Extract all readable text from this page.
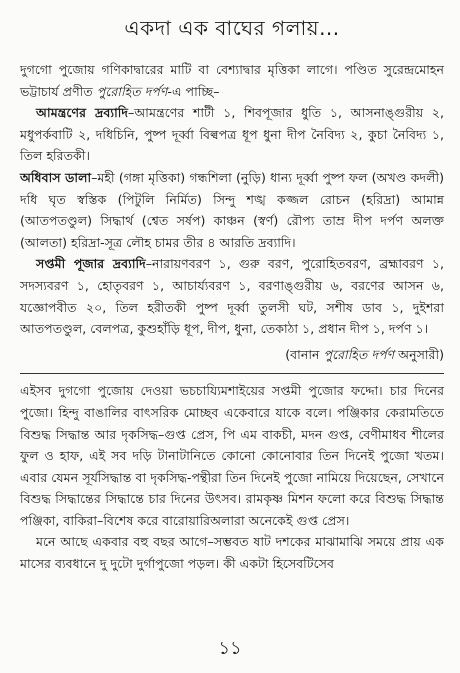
একদা এক বাঘের গলায়...

দুগগো পুজোয় গণিকাদ্বারের মাটি বা বেশ্যাদ্বার মৃত্তিকা লাগে। পণ্ডিত সুরেন্দ্রমোহন ভট্টাচার্য প্রণীত পুরোহিত দর্পণ-এ পাচ্ছি–

আমন্ত্রণের দ্রব্যাদি–আমন্ত্রণের শাটী ১, শিবপূজার ধুতি ১, আসনাঙ্গুরীয় ২, মধুপর্কবাটি ২, দধিচিনি, পুষ্প দূর্ব্বা বিল্বপত্র ধূপ ধুনা দীপ নৈবিদ্য ২, কুচা নৈবিদ্য ১, তিল হরিতকী।

অধিবাস ডালা–মহী (গঙ্গা মৃত্তিকা) গন্ধশিলা (নুড়ি) ধান্য দূর্ব্বা পুষ্প ফল (অখণ্ড কদলী) দধি ঘৃত স্বস্তিক (পিটুলি নির্মিত) সিন্দু শঙ্খ কজ্জল রোচন (হরিদ্রা) আমান্ন (আতপতণ্ডুল) সিদ্ধার্থ (শ্বেত সর্ষপ) কাঞ্চন (স্বর্ণ) রৌপ্য তাম্র দীপ দর্পণ অলক্ত (আলতা) হরিদ্রা-সূত্র লৌহ চামর তীর ৪ আরতি দ্রব্যাদি।

সপ্তমী পূজার দ্রব্যাদি–নারায়ণবরণ ১, গুরু বরণ, পুরোহিতবরণ, ব্রহ্মাবরণ ১, সদস্যবরণ ১, হোতৃবরণ ১, আচার্য্যবরণ ১, বরণাঙ্গুরীয় ৬, বরণের আসন ৬, যজ্ঞোপবীত ২০, তিল হরীতকী পুষ্প দূর্ব্বা তুলসী ঘট, সশীষ ডাব ১, দুইশরা আতপতণ্ডুল, বেলপত্র, কুশুহাঁড়ি ধূপ, দীপ, ধুনা, তেকাঠা ১, প্রধান দীপ ১, দর্পণ ১।

(বানান পুরোহিত দর্পণ অনুসারী)

এইসব দুগগো পুজোয় দেওয়া ভচচায্যিমশাইয়ের সপ্তমী পুজোর ফদ্দো। চার দিনের পুজো। হিন্দু বাঙালির বাৎসরিক মোচ্ছব একেবারে যাকে বলে। পঞ্জিকার কেরামতিতে বিশুদ্ধ সিদ্ধান্ত আর দৃকসিদ্ধ–গুপ্ত প্রেস, পি এম বাকচী, মদন গুপ্ত, বেণীমাধব শীলের ফুল ও হাফ, এই সব দড়ি টানাটানিতে কোনো কোনোবার তিন দিনেই পুজো খতম। এবার যেমন সূর্যসিদ্ধান্ত বা দৃকসিদ্ধ-পন্থীরা তিন দিনেই পুজো নামিয়ে দিয়েছেন, সেখানে বিশুদ্ধ সিদ্ধান্তের সিদ্ধান্তে চার দিনের উৎসব। রামকৃষ্ণ মিশন ফলো করে বিশুদ্ধ সিদ্ধান্ত পঞ্জিকা, বাকিরা–বিশেষ করে বারোয়ারিঅলারা অনেকেই গুপ্ত প্রেস।

মনে আছে একবার বহু বছর আগে–সম্ভবত ষাট দশকের মাঝামাঝি সময়ে প্রায় এক মাসের ব্যবধানে দু দুটো দুর্গাপুজো পড়ল। কী একটা হিসেবটিসেব

১১
